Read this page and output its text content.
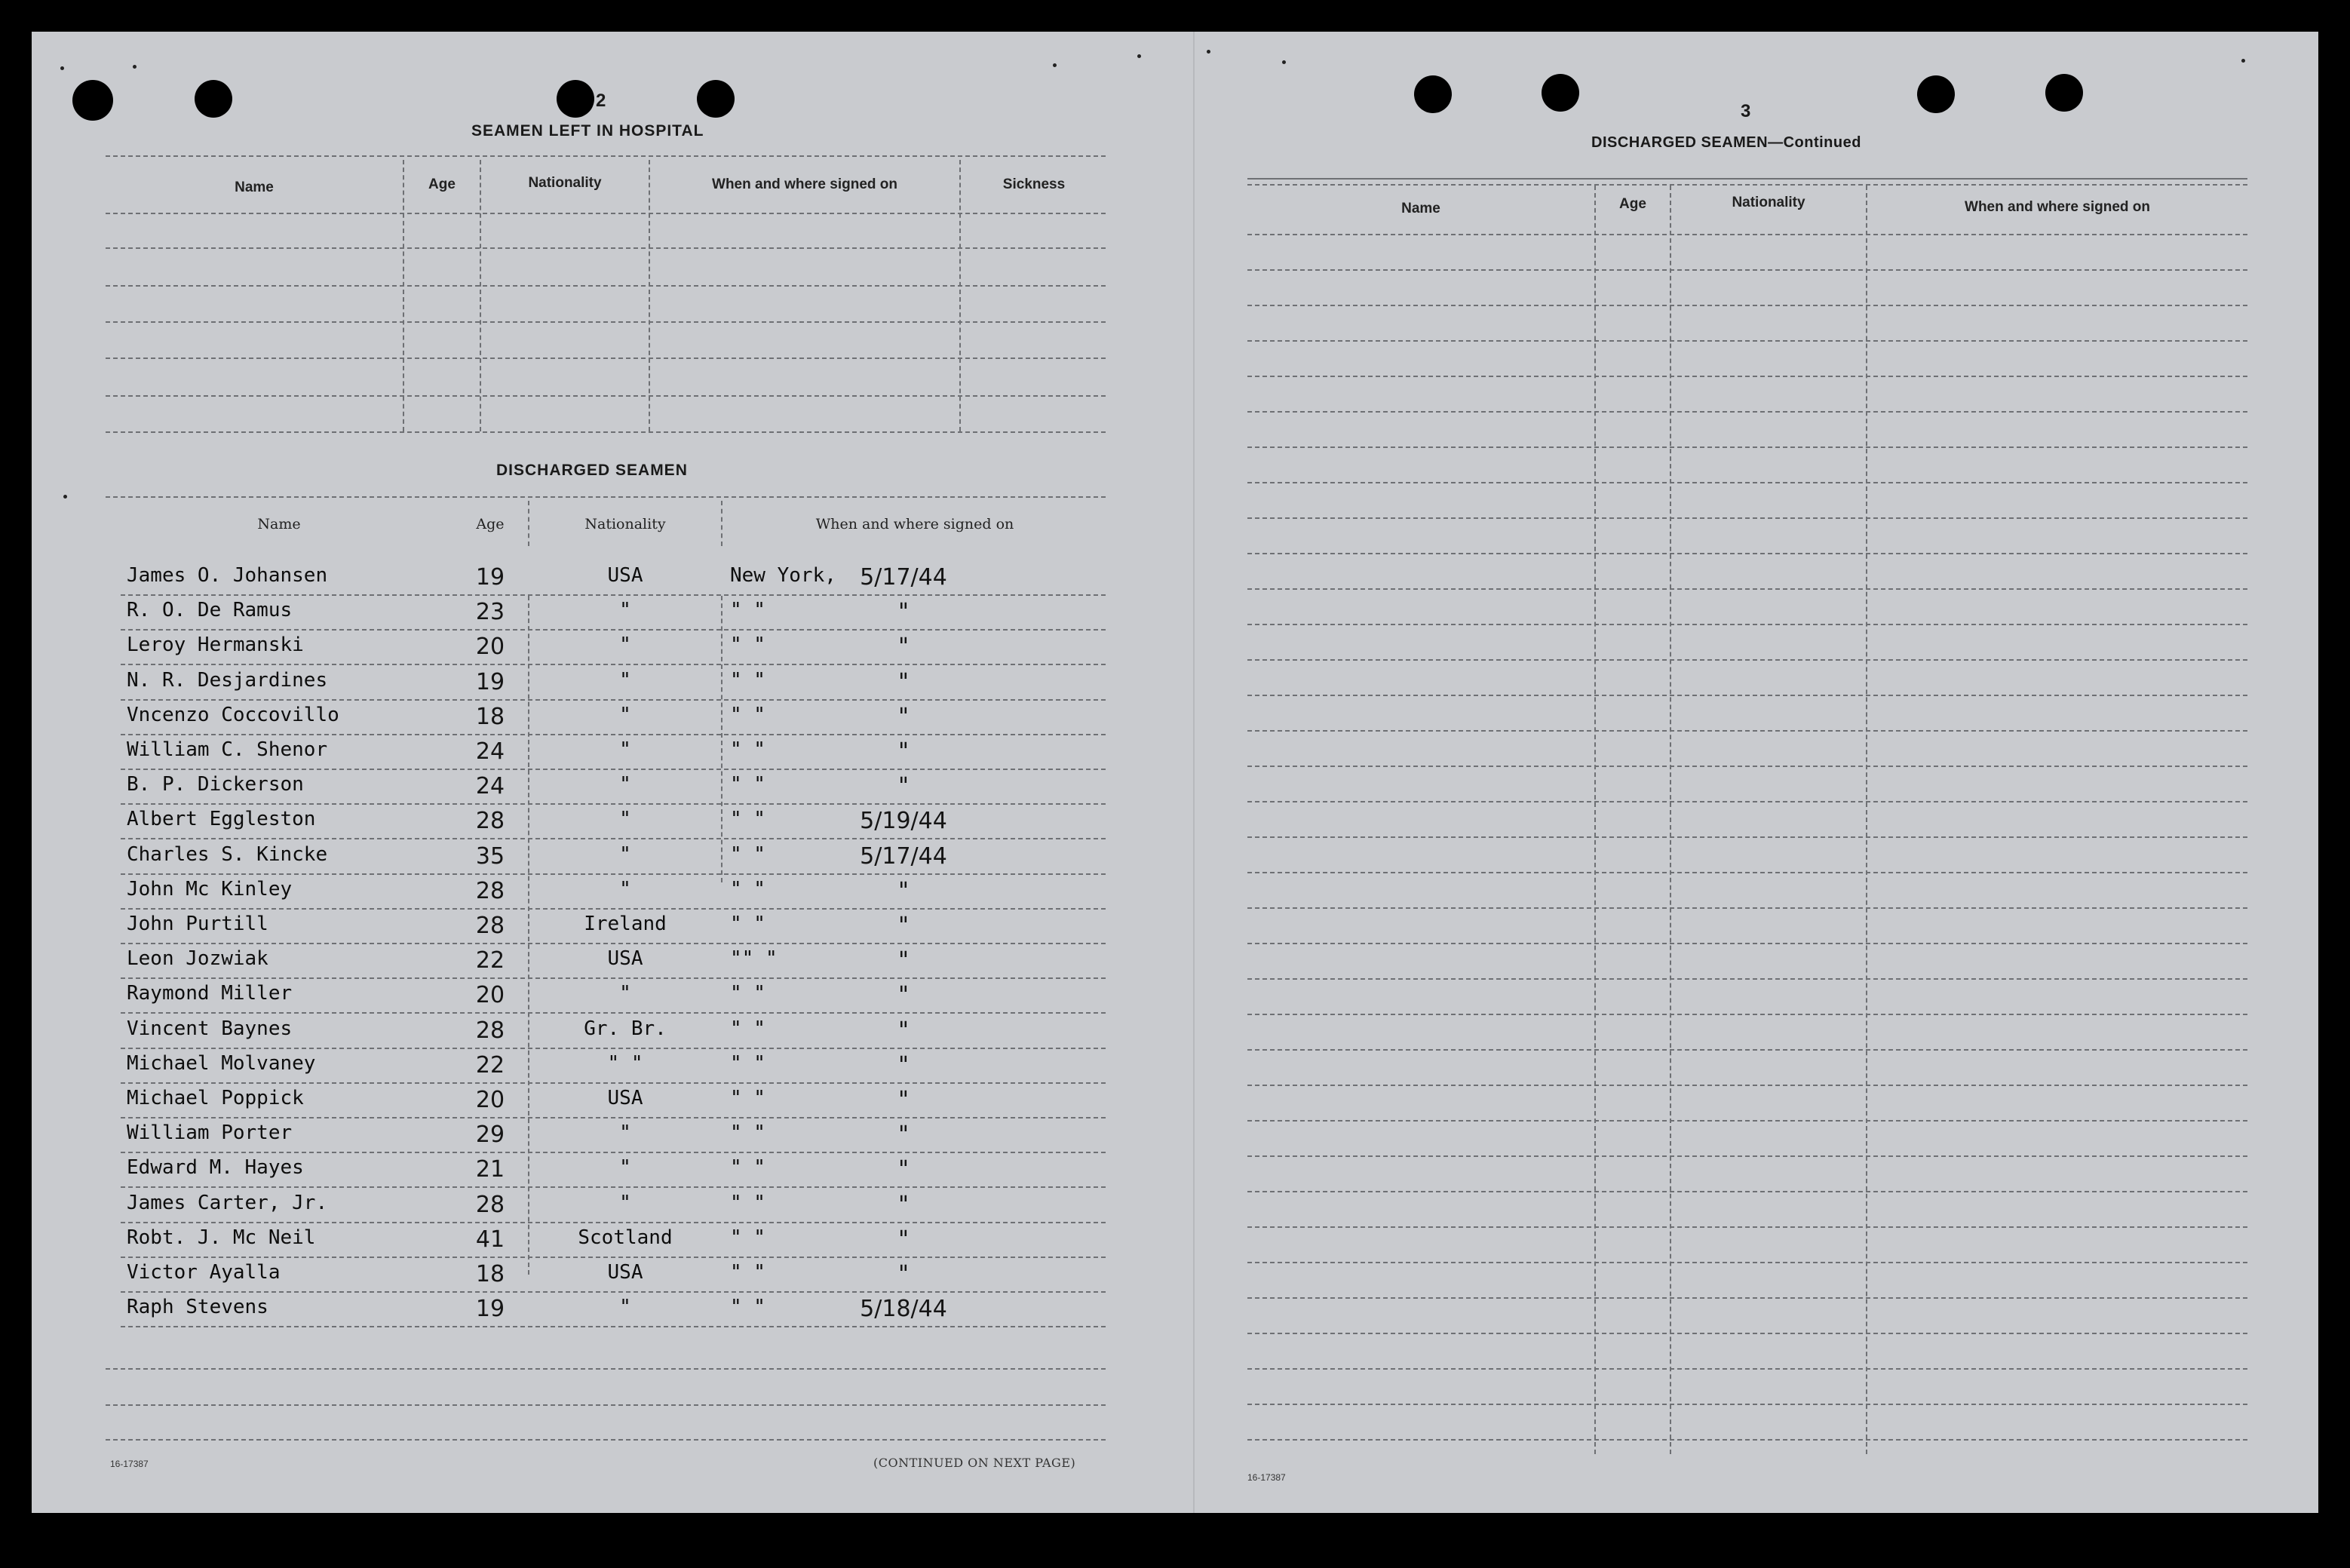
2
SEAMEN LEFT IN HOSPITAL
Name	Age	Nationality	When and where signed on	Sickness
DISCHARGED SEAMEN
Name	Age	Nationality	When and where signed on
James O. Johansen	19	USA	New York,	5/17/44
R. O. De Ramus	23	"	" "	"
Leroy Hermanski	20	"	" "	"
N. R. Desjardines	19	"	" "	"
Vncenzo Coccovillo	18	"	" "	"
William C. Shenor	24	"	" "	"
B. P. Dickerson	24	"	" "	"
Albert Eggleston	28	"	" "	5/19/44
Charles S. Kincke	35	"	" "	5/17/44
John Mc Kinley	28	"	" "	"
John Purtill	28	Ireland	" "	"
Leon Jozwiak	22	USA	"" "	"
Raymond Miller	20	"	" "	"
Vincent Baynes	28	Gr. Br.	" "	"
Michael Molvaney	22	" "	" "	"
Michael Poppick	20	USA	" "	"
William Porter	29	"	" "	"
Edward M. Hayes	21	"	" "	"
James Carter, Jr.	28	"	" "	"
Robt. J. Mc Neil	41	Scotland	" "	"
Victor Ayalla	18	USA	" "	"
Raph Stevens	19	"	" "	5/18/44
16-17387	(CONTINUED ON NEXT PAGE)
3
DISCHARGED SEAMEN—Continued
Name	Age	Nationality	When and where signed on
16-17387
